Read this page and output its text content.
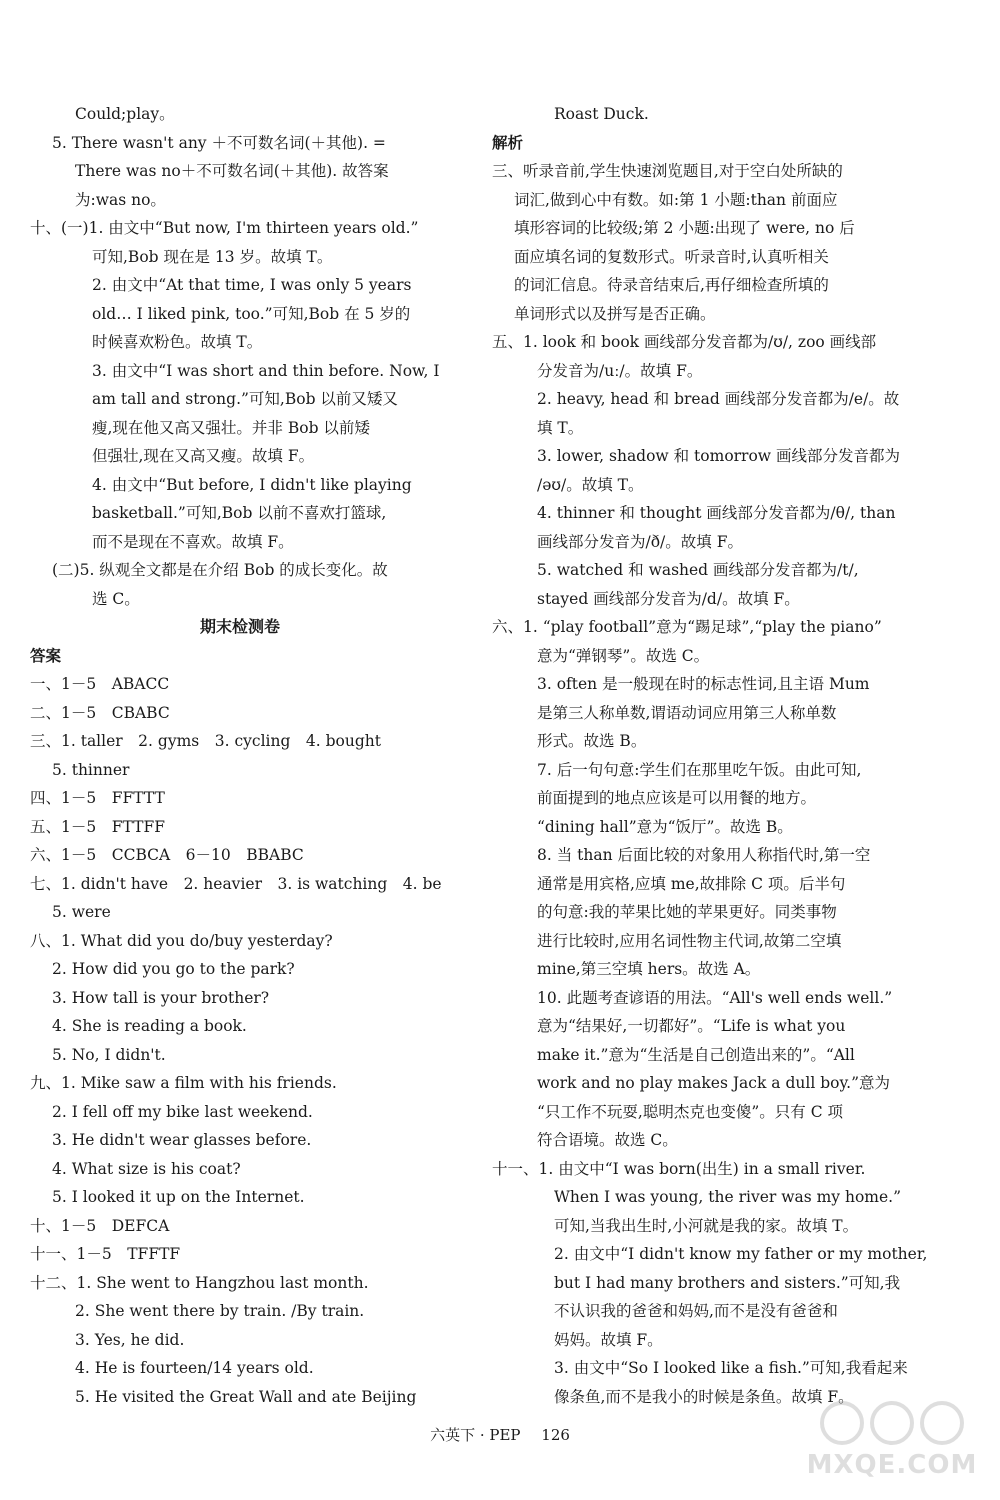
Could;play。
5. There wasn't any ＋不可数名词(＋其他). =
There was no＋不可数名词(＋其他). 故答案
为:was no。
十、(一)1. 由文中“But now, I'm thirteen years old.”
可知,Bob 现在是 13 岁。故填 T。
2. 由文中“At that time, I was only 5 years
old… I liked pink, too.”可知,Bob 在 5 岁的
时候喜欢粉色。故填 T。
3. 由文中“I was short and thin before. Now, I
am tall and strong.”可知,Bob 以前又矮又
瘦,现在他又高又强壮。并非 Bob 以前矮
但强壮,现在又高又瘦。故填 F。
4. 由文中“But before, I didn't like playing
basketball.”可知,Bob 以前不喜欢打篮球,
而不是现在不喜欢。故填 F。
(二)5. 纵观全文都是在介绍 Bob 的成长变化。故
选 C。
期末检测卷
答案
一、1－5　ABACC
二、1－5　CBABC
三、1. taller　2. gyms　3. cycling　4. bought
5. thinner
四、1－5　FFTTT
五、1－5　FTTFF
六、1－5　CCBCA　6－10　BBABC
七、1. didn't have　2. heavier　3. is watching　4. be
5. were
八、1. What did you do/buy yesterday?
2. How did you go to the park?
3. How tall is your brother?
4. She is reading a book.
5. No, I didn't.
九、1. Mike saw a film with his friends.
2. I fell off my bike last weekend.
3. He didn't wear glasses before.
4. What size is his coat?
5. I looked it up on the Internet.
十、1－5　DEFCA
十一、1－5　TFFTF
十二、1. She went to Hangzhou last month.
2. She went there by train. /By train.
3. Yes, he did.
4. He is fourteen/14 years old.
5. He visited the Great Wall and ate Beijing
Roast Duck.
解析
三、听录音前,学生快速浏览题目,对于空白处所缺的
词汇,做到心中有数。如:第 1 小题:than 前面应
填形容词的比较级;第 2 小题:出现了 were, no 后
面应填名词的复数形式。听录音时,认真听相关
的词汇信息。待录音结束后,再仔细检查所填的
单词形式以及拼写是否正确。
五、1. look 和 book 画线部分发音都为/ʊ/, zoo 画线部
分发音为/uː/。故填 F。
2. heavy, head 和 bread 画线部分发音都为/e/。故
填 T。
3. lower, shadow 和 tomorrow 画线部分发音都为
/əʊ/。故填 T。
4. thinner 和 thought 画线部分发音都为/θ/, than
画线部分发音为/ð/。故填 F。
5. watched 和 washed 画线部分发音都为/t/,
stayed 画线部分发音为/d/。故填 F。
六、1. “play football”意为“踢足球”,“play the piano”
意为“弹钢琴”。故选 C。
3. often 是一般现在时的标志性词,且主语 Mum
是第三人称单数,谓语动词应用第三人称单数
形式。故选 B。
7. 后一句句意:学生们在那里吃午饭。由此可知,
前面提到的地点应该是可以用餐的地方。
“dining hall”意为“饭厅”。故选 B。
8. 当 than 后面比较的对象用人称指代时,第一空
通常是用宾格,应填 me,故排除 C 项。后半句
的句意:我的苹果比她的苹果更好。同类事物
进行比较时,应用名词性物主代词,故第二空填
mine,第三空填 hers。故选 A。
10. 此题考查谚语的用法。“All's well ends well.”
意为“结果好,一切都好”。“Life is what you
make it.”意为“生活是自己创造出来的”。“All
work and no play makes Jack a dull boy.”意为
“只工作不玩耍,聪明杰克也变傻”。只有 C 项
符合语境。故选 C。
十一、1. 由文中“I was born(出生) in a small river.
When I was young, the river was my home.”
可知,当我出生时,小河就是我的家。故填 T。
2. 由文中“I didn't know my father or my mother,
but I had many brothers and sisters.”可知,我
不认识我的爸爸和妈妈,而不是没有爸爸和
妈妈。故填 F。
3. 由文中“So I looked like a fish.”可知,我看起来
像条鱼,而不是我小的时候是条鱼。故填 F。
六英下 · PEP 126
MXQE.COM
